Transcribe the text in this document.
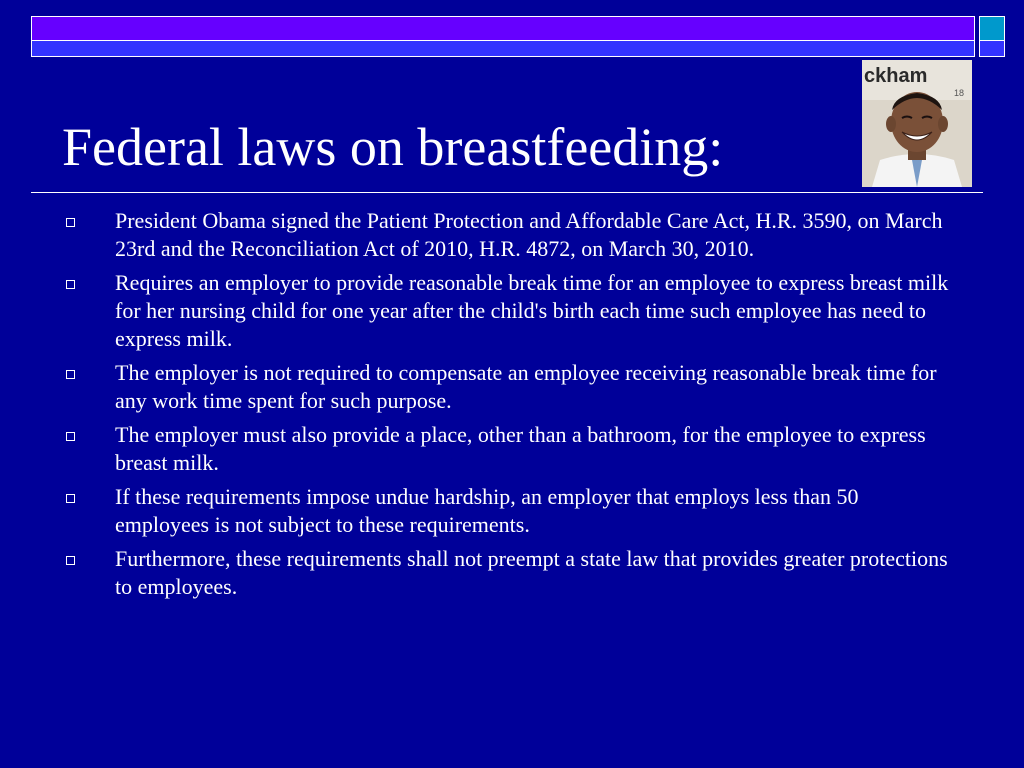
Federal laws on breastfeeding:
ckham
18
President Obama signed the Patient Protection and Affordable Care Act, H.R. 3590, on March 23rd and the Reconciliation Act of 2010, H.R. 4872, on March 30, 2010.
Requires an employer to provide reasonable break time for an employee to express breast milk for her nursing child for one year after the child's birth each time such employee has need to express milk.
The employer is not required to compensate an employee receiving reasonable break time for any work time spent for such purpose.
The employer must also provide a place, other than a bathroom, for the employee to express breast milk.
If these requirements impose undue hardship, an employer that employs less than 50 employees is not subject to these requirements.
Furthermore, these requirements shall not preempt a state law that provides greater protections to employees.
